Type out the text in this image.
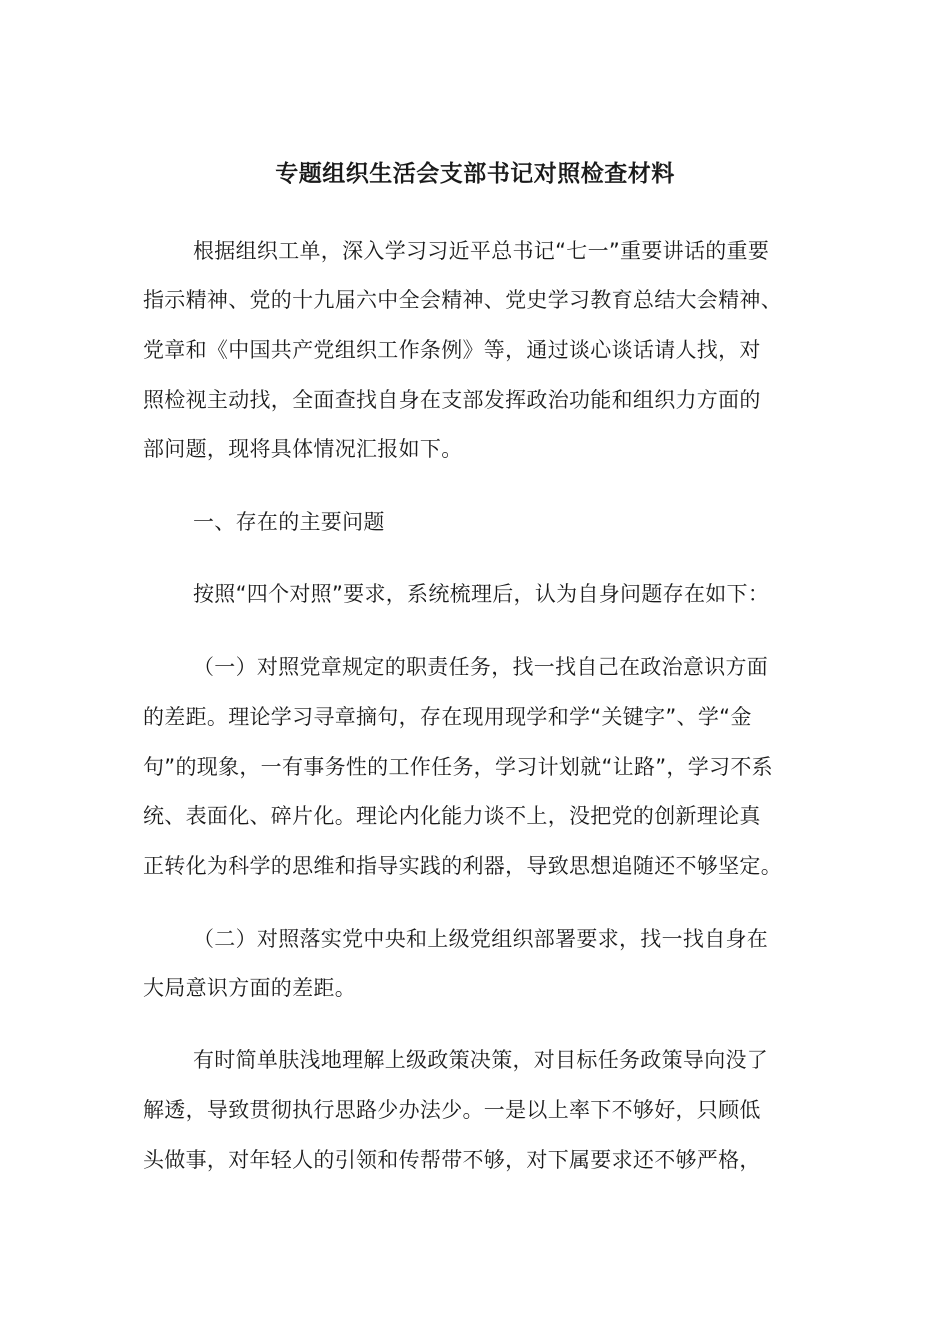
专题组织生活会支部书记对照检查材料
根据组织工单，深入学习习近平总书记“七一”重要讲话的重要
指示精神、党的十九届六中全会精神、党史学习教育总结大会精神、
党章和《中国共产党组织工作条例》等，通过谈心谈话请人找，对
照检视主动找，全面查找自身在支部发挥政治功能和组织力方面的
部问题，现将具体情况汇报如下。
一、存在的主要问题
按照“四个对照”要求，系统梳理后，认为自身问题存在如下：
（一）对照党章规定的职责任务，找一找自己在政治意识方面
的差距。理论学习寻章摘句，存在现用现学和学“关键字”、学“金
句”的现象，一有事务性的工作任务，学习计划就“让路”，学习不系
统、表面化、碎片化。理论内化能力谈不上，没把党的创新理论真
正转化为科学的思维和指导实践的利器，导致思想追随还不够坚定。
（二）对照落实党中央和上级党组织部署要求，找一找自身在
大局意识方面的差距。
有时简单肤浅地理解上级政策决策，对目标任务政策导向没了
解透，导致贯彻执行思路少办法少。一是以上率下不够好，只顾低
头做事，对年轻人的引领和传帮带不够，对下属要求还不够严格，
